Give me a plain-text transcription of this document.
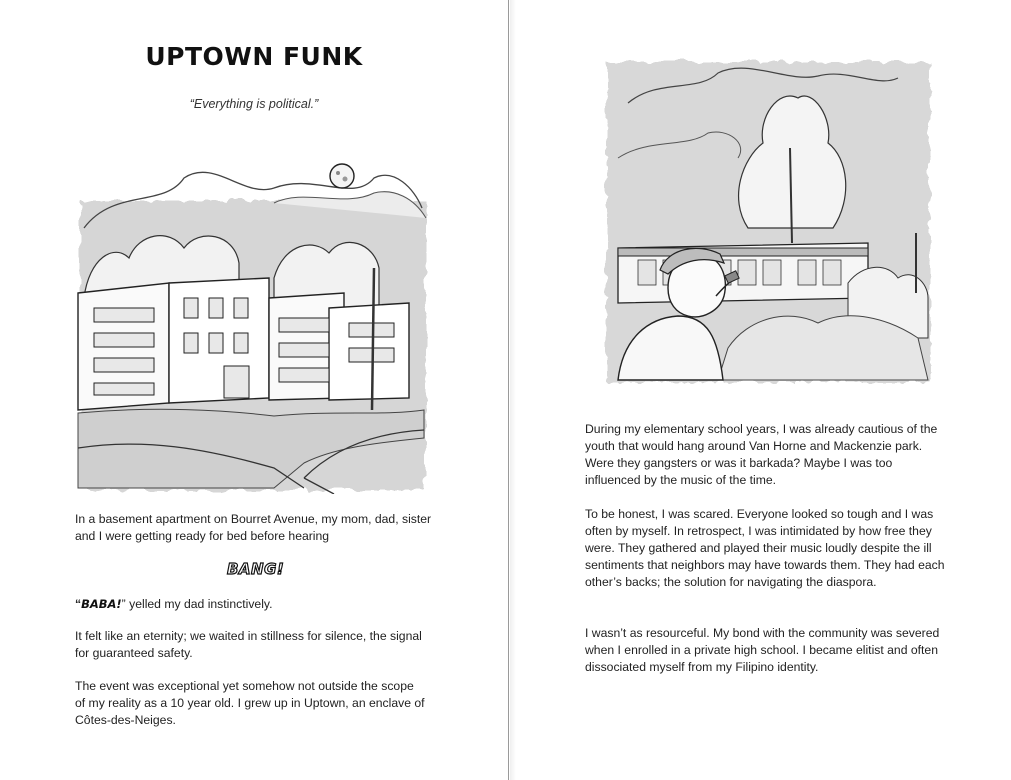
UPTOWN FUNK
“Everything is political.”

In a basement apartment on Bourret Avenue, my mom, dad, sister and I were getting ready for bed before hearing

BANG!

“BABA!” yelled my dad instinctively.

It felt like an eternity; we waited in stillness for silence, the signal for guaranteed safety.

The event was exceptional yet somehow not outside the scope of my reality as a 10 year old. I grew up in Uptown, an enclave of Côtes-des-Neiges.

During my elementary school years, I was already cautious of the youth that would hang around Van Horne and Mackenzie park. Were they gangsters or was it barkada? Maybe I was too influenced by the music of the time.

To be honest, I was scared. Everyone looked so tough and I was often by myself. In retrospect, I was intimidated by how free they were. They gathered and played their music loudly despite the ill sentiments that neighbors may have towards them. They had each other’s backs; the solution for navigating the diaspora.

I wasn’t as resourceful. My bond with the community was severed when I enrolled in a private high school. I became elitist and often dissociated myself from my Filipino identity.
